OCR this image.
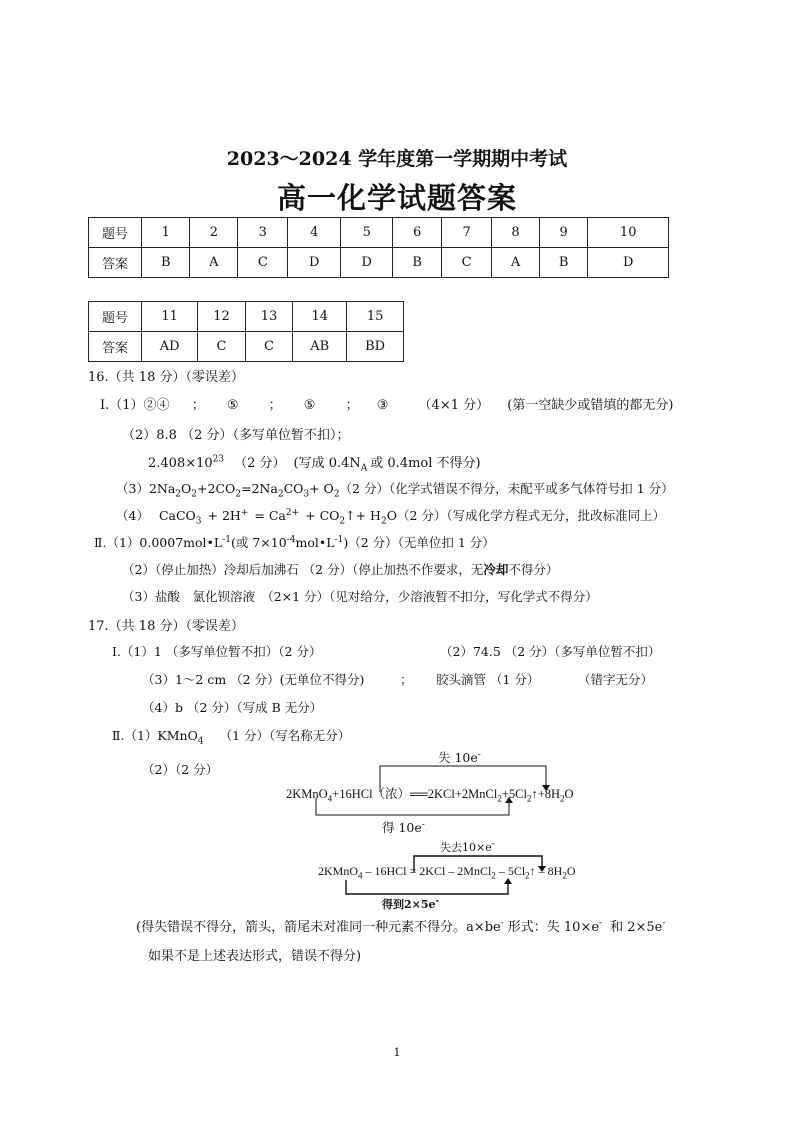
2023～2024 学年度第一学期期中考试
高一化学试题答案
题号	1	2	3	4	5	6	7	8	9	10
答案	B	A	C	D	D	B	C	A	B	D
题号	11	12	13	14	15
答案	AD	C	C	AB	BD
16.（共 18 分）（零误差）
Ⅰ.（1）②④ ； ⑤ ； ⑤ ； ③ （4×1 分） (第一空缺少或错填的都无分)
（2）8.8 （2 分）（多写单位暂不扣）；
$2.408\times 10^{23}$ （2 分） (写成 $0.4N_A$ 或 0.4mol 不得分)
$(3)2Na_2O_2+2CO_2=2Na_2CO_3+ O_2(2$ 分）（化学式错误不得分，未配平或多气体符号扣 1 分）
（4） CaCO$_3$ + $2H^+ = Ca^{2+}$ + $CO_2↑+ H_2O(2$ 分）（写成化学方程式无分，批改标准同上）
$Ⅱ.(1)0.0007mol•L^{-1}$(或 $7\times 10^{-4}mol•L^{-1})(2$ 分）（无单位扣 1 分）
（2）（停止加热）冷却后加沸石 （2 分）（停止加热不作要求，无冷却不得分）
（3）盐酸　氯化钡溶液　（2×1 分）（见对给分，少溶液暂不扣分，写化学式不得分）
17.（共 18 分）（零误差）
Ⅰ.（1）1 （多写单位暂不扣）（2 分）	（2）74.5 （2 分）（多写单位暂不扣）
（3）1～2 cm （2 分）(无单位不得分)	； 胶头滴管 （1 分）	（错字无分）
（4）b （2 分）（写成 B 无分）
Ⅱ.（1）KMnO$_4$ （1 分）（写名称无分）
（2）（2 分）
失 10e-
2KMnO$_4$+16HCl（浓）$══2KCl+2MnCl_2+5Cl_2↑+8H_2O$
得 10e-
失去10×e-
2KMnO$_4$ – 16HCl = 2KCl – 2MnCl$_2$ – $5Cl_2↑ - 8H_2O$
得到2×5e-
(得失错误不得分，箭头，箭尾未对准同一种元素不得分。a×be- 形式：失 10×e- 和 2×5e-
如果不是上述表达形式，错误不得分)
1
